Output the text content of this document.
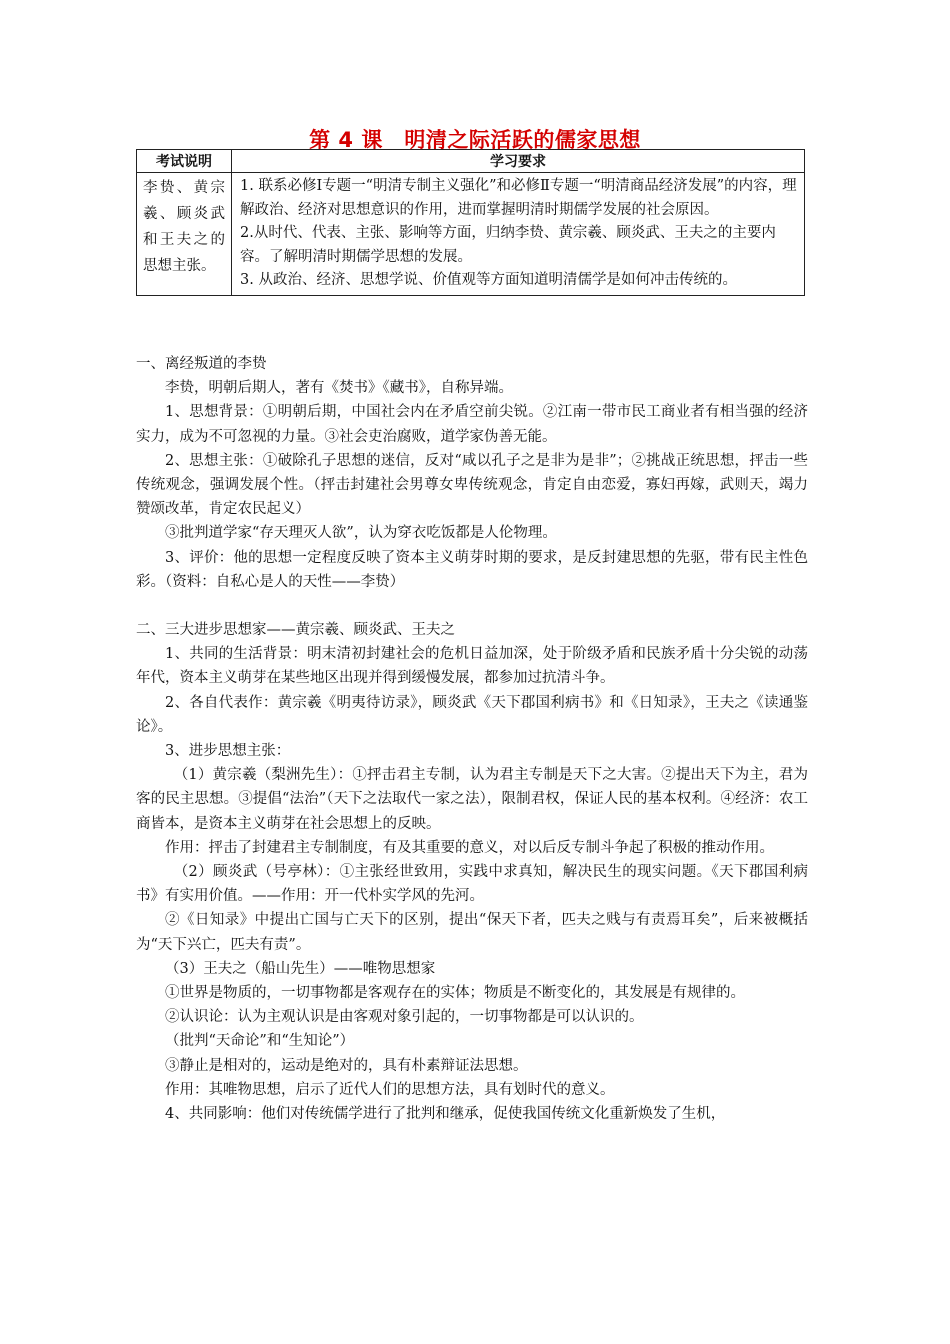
第 4 课　明清之际活跃的儒家思想
考试说明	学习要求
李贽、黄宗羲、顾炎武和王夫之的思想主张。	1. 联系必修Ⅰ专题一“明清专制主义强化”和必修Ⅱ专题一“明清商品经济发展”的内容，理解政治、经济对思想意识的作用，进而掌握明清时期儒学发展的社会原因。
2.从时代、代表、主张、影响等方面，归纳李贽、黄宗羲、顾炎武、王夫之的主要内容。了解明清时期儒学思想的发展。
3. 从政治、经济、思想学说、价值观等方面知道明清儒学是如何冲击传统的。

一、离经叛道的李贽

李贽，明朝后期人，著有《焚书》《藏书》，自称异端。

1、思想背景：①明朝后期，中国社会内在矛盾空前尖锐。②江南一带市民工商业者有相当强的经济实力，成为不可忽视的力量。③社会吏治腐败，道学家伪善无能。

2、思想主张：①破除孔子思想的迷信，反对“咸以孔子之是非为是非”；②挑战正统思想，抨击一些传统观念，强调发展个性。（抨击封建社会男尊女卑传统观念，肯定自由恋爱，寡妇再嫁，武则天，竭力赞颂改革，肯定农民起义）

③批判道学家“存天理灭人欲”，认为穿衣吃饭都是人伦物理。

3、评价：他的思想一定程度反映了资本主义萌芽时期的要求，是反封建思想的先驱，带有民主性色彩。（资料：自私心是人的天性——李贽）

二、三大进步思想家——黄宗羲、顾炎武、王夫之

1、共同的生活背景：明末清初封建社会的危机日益加深，处于阶级矛盾和民族矛盾十分尖锐的动荡年代，资本主义萌芽在某些地区出现并得到缓慢发展，都参加过抗清斗争。

2、各自代表作：黄宗羲《明夷待访录》，顾炎武《天下郡国利病书》和《日知录》，王夫之《读通鉴论》。

3、进步思想主张：

（1）黄宗羲（梨洲先生）：①抨击君主专制，认为君主专制是天下之大害。②提出天下为主，君为客的民主思想。③提倡“法治”（天下之法取代一家之法），限制君权，保证人民的基本权利。④经济：农工商皆本，是资本主义萌芽在社会思想上的反映。

作用：抨击了封建君主专制制度，有及其重要的意义，对以后反专制斗争起了积极的推动作用。

（2）顾炎武（号亭林）：①主张经世致用，实践中求真知，解决民生的现实问题。《天下郡国利病书》有实用价值。——作用：开一代朴实学风的先河。

②《日知录》中提出亡国与亡天下的区别，提出“保天下者，匹夫之贱与有责焉耳矣”，后来被概括为“天下兴亡，匹夫有责”。

（3）王夫之（船山先生）——唯物思想家

①世界是物质的，一切事物都是客观存在的实体；物质是不断变化的，其发展是有规律的。

②认识论：认为主观认识是由客观对象引起的，一切事物都是可以认识的。

（批判“天命论”和“生知论”）

③静止是相对的，运动是绝对的，具有朴素辩证法思想。

作用：其唯物思想，启示了近代人们的思想方法，具有划时代的意义。

4、共同影响：他们对传统儒学进行了批判和继承，促使我国传统文化重新焕发了生机，
